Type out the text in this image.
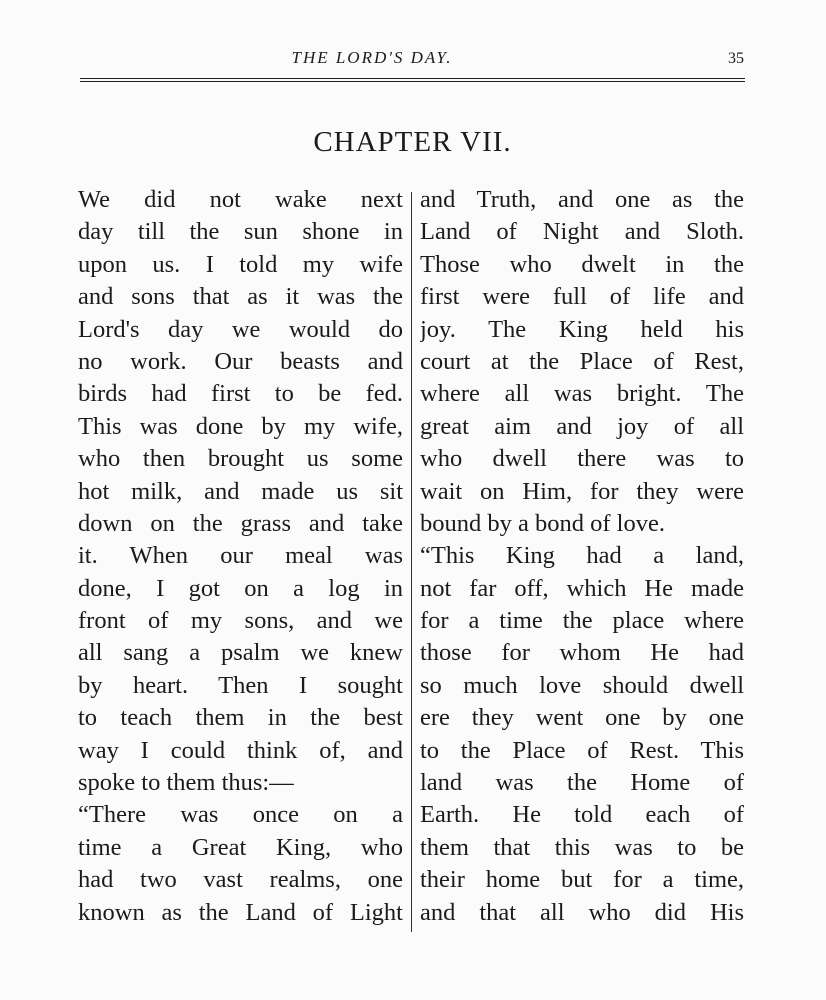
THE LORD'S DAY.	35
CHAPTER VII.
We did not wake next
day till the sun shone in
upon us. I told my wife
and sons that as it was the
Lord's day we would do
no work. Our beasts and
birds had first to be fed.
This was done by my wife,
who then brought us some
hot milk, and made us sit
down on the grass and take
it. When our meal was
done, I got on a log in
front of my sons, and we
all sang a psalm we knew
by heart. Then I sought
to teach them in the best
way I could think of, and
spoke to them thus:—
“There was once on a
time a Great King, who
had two vast realms, one
known as the Land of Light
and Truth, and one as the
Land of Night and Sloth.
Those who dwelt in the
first were full of life and
joy. The King held his
court at the Place of Rest,
where all was bright. The
great aim and joy of all
who dwell there was to
wait on Him, for they were
bound by a bond of love.
“This King had a land,
not far off, which He made
for a time the place where
those for whom He had
so much love should dwell
ere they went one by one
to the Place of Rest. This
land was the Home of
Earth. He told each of
them that this was to be
their home but for a time,
and that all who did His
